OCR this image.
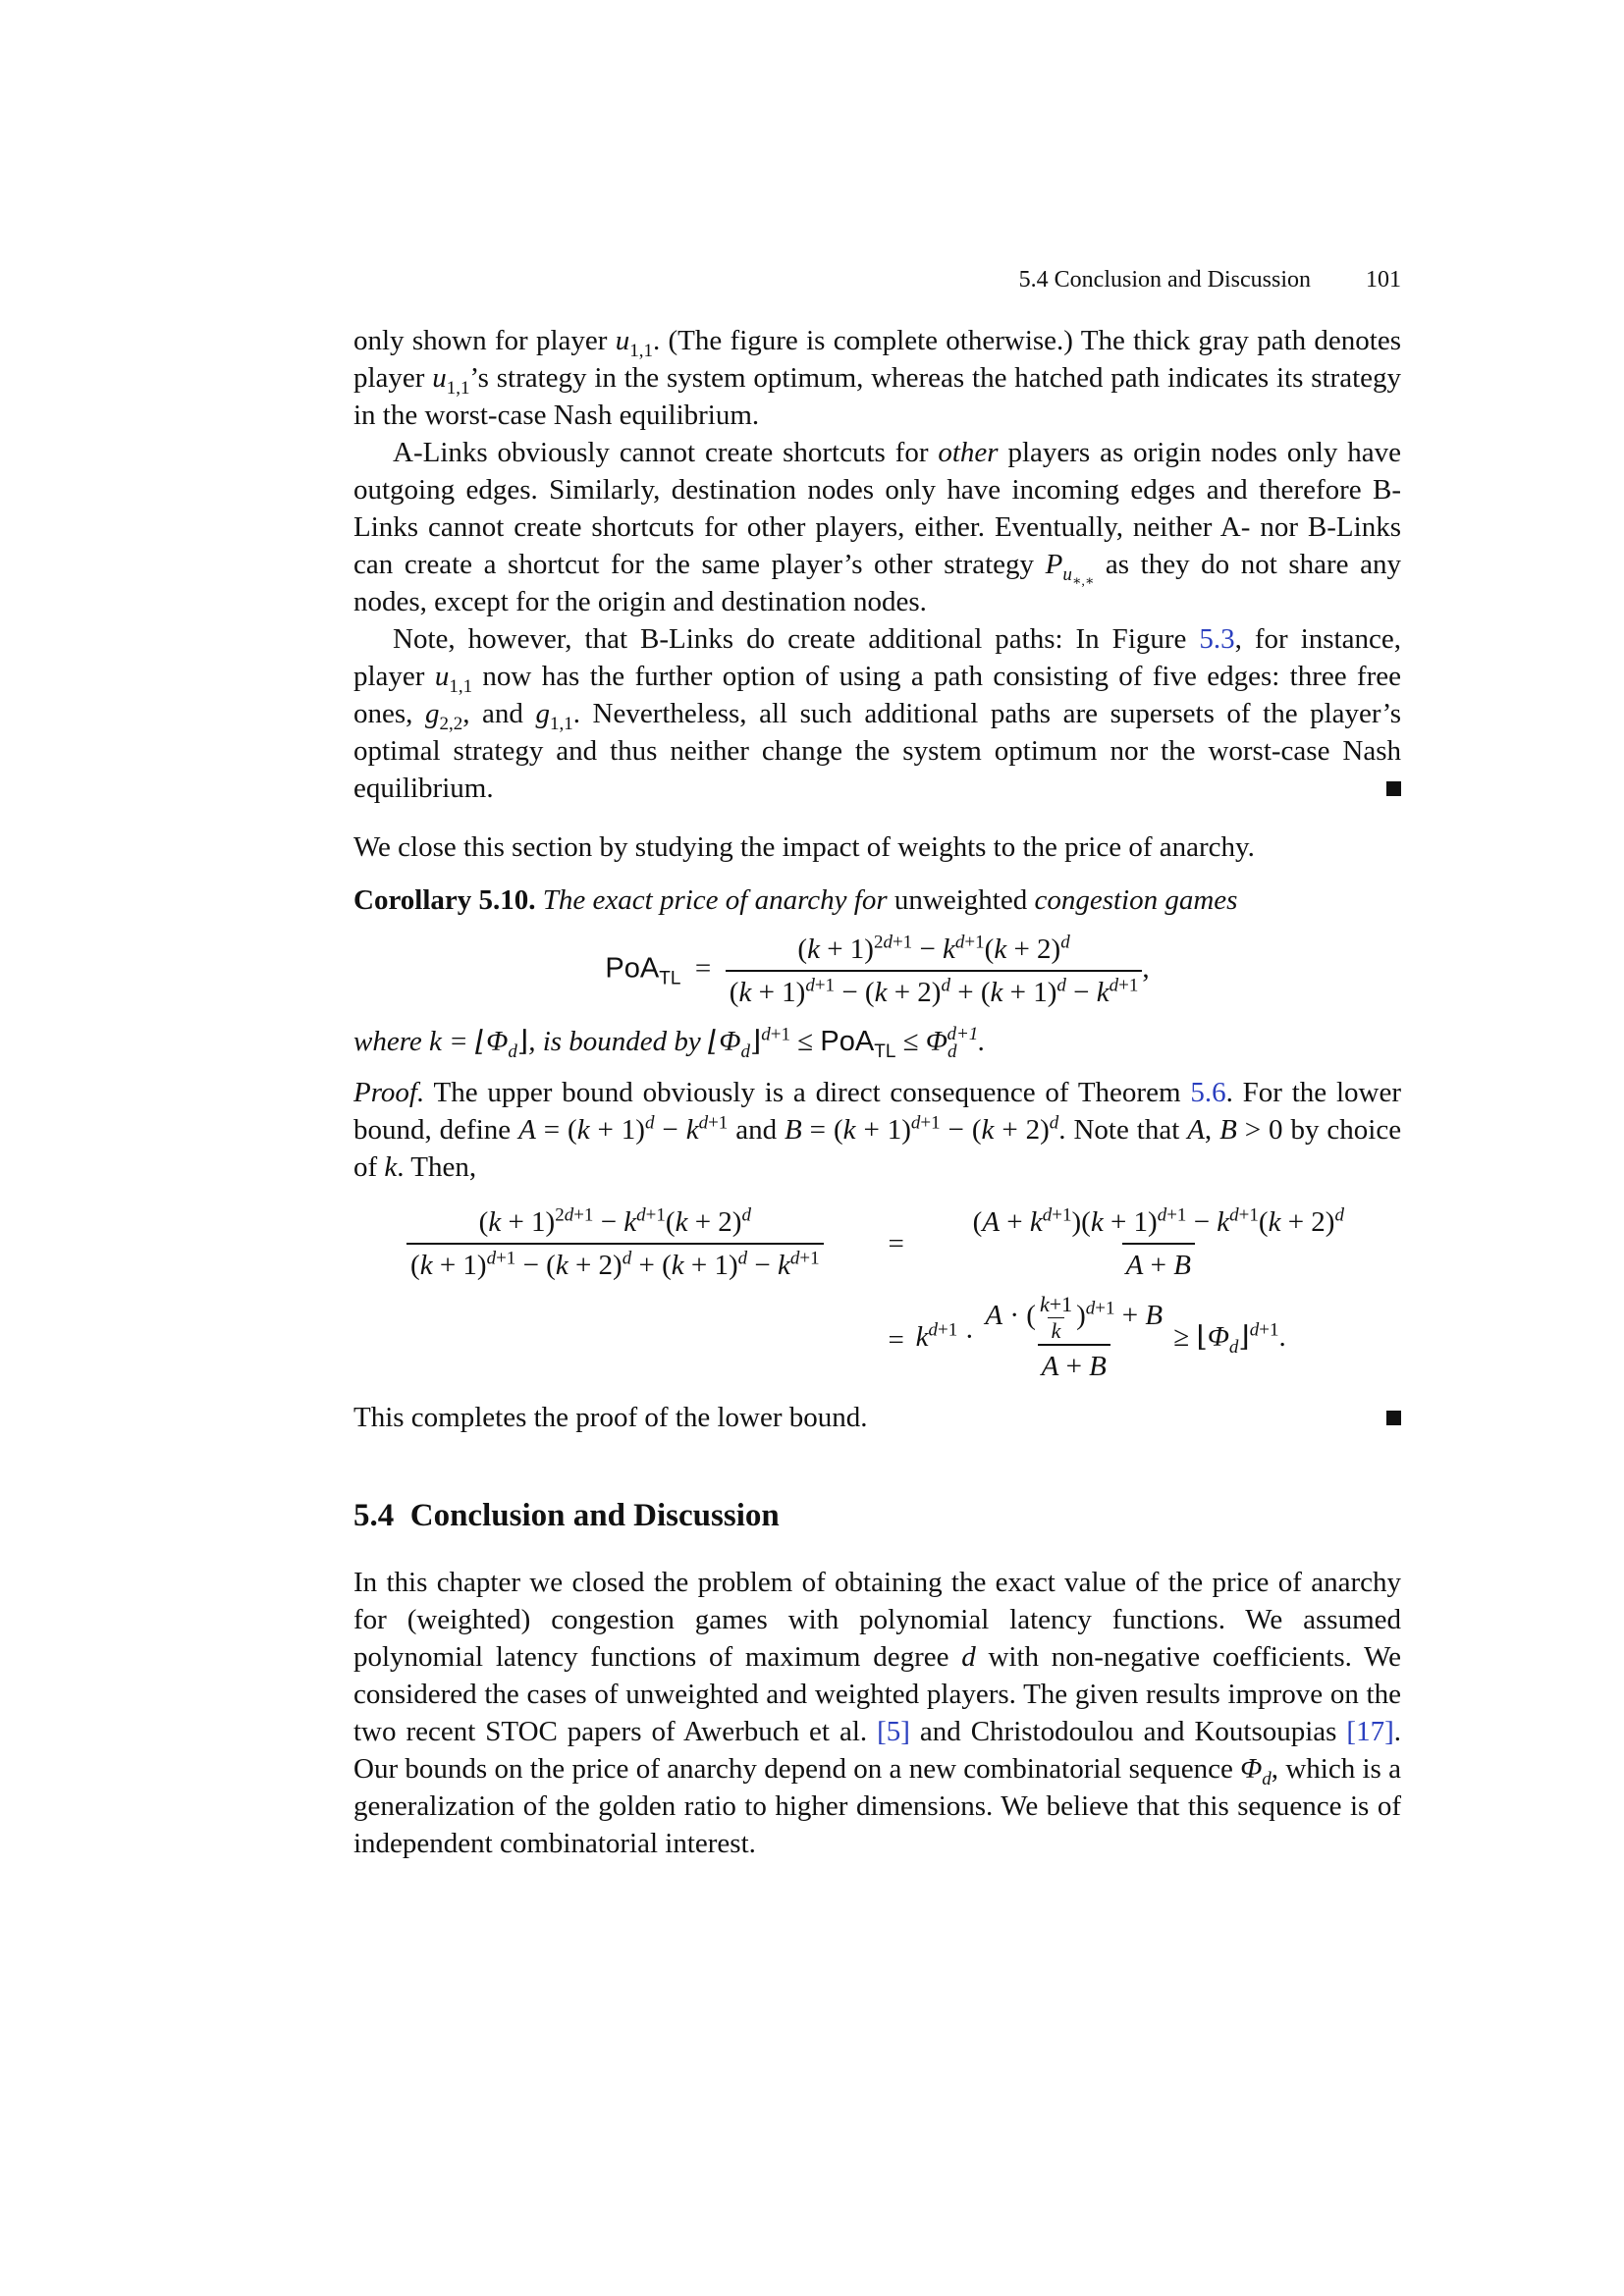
5.4 Conclusion and Discussion 101

only shown for player $u_{1,1}$. (The figure is complete otherwise.) The thick gray path denotes player $u_{1,1}’s$ strategy in the system optimum, whereas the hatched path indicates its strategy in the worst-case Nash equilibrium.

A-Links obviously cannot create shortcuts for other players as origin nodes only have outgoing edges. Similarly, destination nodes only have incoming edges and therefore B-Links cannot create shortcuts for other players, either. Eventually, neither A- nor B-Links can create a shortcut for the same player’s other strategy $P_{u_{∗,∗}}$ as they do not share any nodes, except for the origin and destination nodes.

Note, however, that B-Links do create additional paths: In Figure 5.3, for instance, player $u_{1,1}$ now has the further option of using a path consisting of five edges: three free ones, $g_{2,2}$, and $g_{1,1}$. Nevertheless, all such additional paths are supersets of the player’s optimal strategy and thus neither change the system optimum nor the worst-case Nash equilibrium.

We close this section by studying the impact of weights to the price of anarchy.

Corollary 5.10. The exact price of anarchy for unweighted congestion games

$PoA_{TL} = \frac{(k + 1)^{2d+1} - k^{d+1}(k + 2)^d}{(k + 1)^{d+1} - (k + 2)^d + (k + 1)^d - k^{d+1}}$ ,

where $k = ⌊\Phi_d⌋$, is bounded by $⌊\Phi_d⌋^{d+1} \le PoA_{TL} \le \Phi_d^{d+1}$.

Proof. The upper bound obviously is a direct consequence of Theorem 5.6. For the lower bound, define $A = (k + 1)^d - k^{d+1}$ and $B = (k + 1)^{d+1} - (k + 2)^d$. Note that A, B > 0 by choice of k. Then,

$\frac{(k + 1)^{2d+1} - k^{d+1}(k + 2)^d}{(k + 1)^{d+1} - (k + 2)^d + (k + 1)^d - k^{d+1}} = \frac{(A + k^{d+1})(k + 1)^{d+1} - k^{d+1}(k + 2)^d}{A + B}$
= $k^{d+1} \cdot \frac{A \cdot ( \frac{k+1}{k} )^{d+1} + B}{A + B}$ ≥ $⌊\Phi_d⌋^{d+1}$.

This completes the proof of the lower bound.

5.4 Conclusion and Discussion

In this chapter we closed the problem of obtaining the exact value of the price of anarchy for (weighted) congestion games with polynomial latency functions. We assumed polynomial latency functions of maximum degree d with non-negative coefficients. We considered the cases of unweighted and weighted players. The given results improve on the two recent STOC papers of Awerbuch et al. [5] and Christodoulou and Koutsoupias [17]. Our bounds on the price of anarchy depend on a new combinatorial sequence $\Phi_d$, which is a generalization of the golden ratio to higher dimensions. We believe that this sequence is of independent combinatorial interest.
